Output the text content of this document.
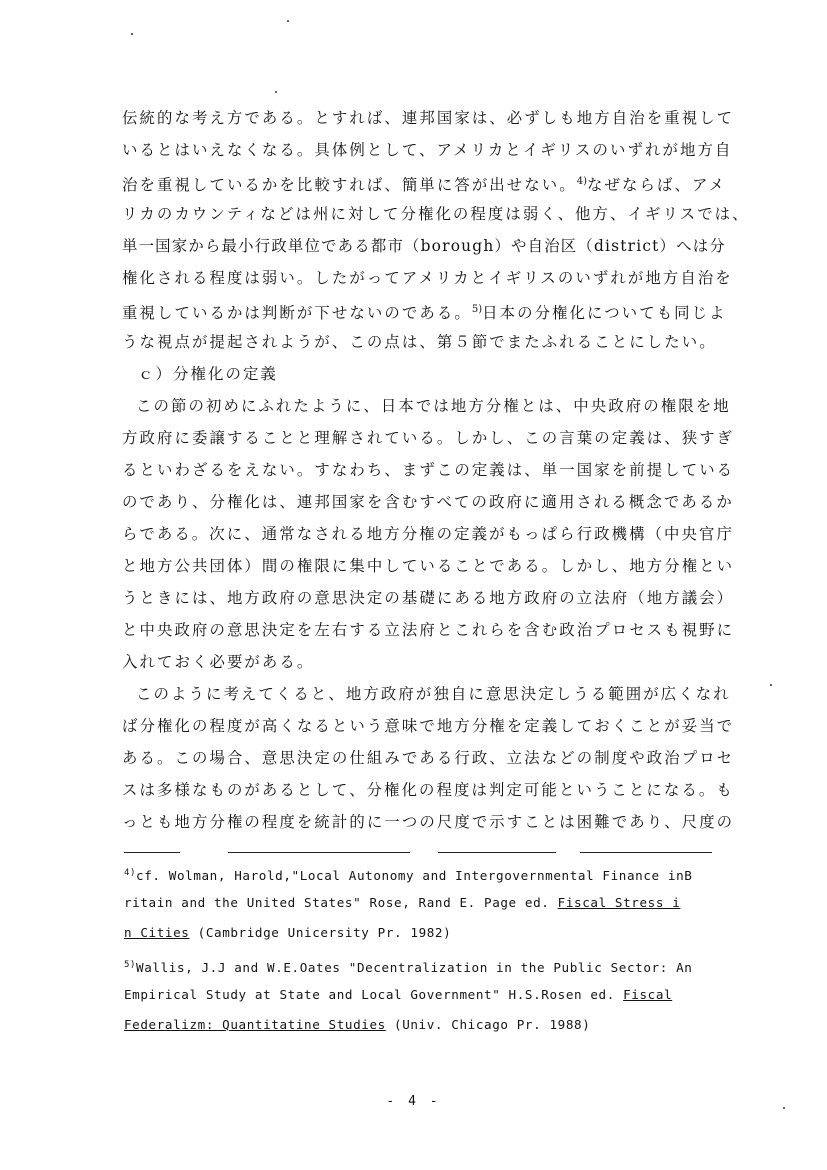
伝統的な考え方である。とすれば、連邦国家は、必ずしも地方自治を重視して
いるとはいえなくなる。具体例として、アメリカとイギリスのいずれが地方自
治を重視しているかを比較すれば、簡単に答が出せない。$^{4)}$なぜならば、アメ
リカのカウンティなどは州に対して分権化の程度は弱く、他方、イギリスでは、
単一国家から最小行政単位である都市（borough）や自治区（district）へは分
権化される程度は弱い。したがってアメリカとイギリスのいずれが地方自治を
重視しているかは判断が下せないのである。$^{5)}$日本の分権化についても同じよ
うな視点が提起されようが、この点は、第５節でまたふれることにしたい。
ｃ）分権化の定義
この節の初めにふれたように、日本では地方分権とは、中央政府の権限を地
方政府に委譲することと理解されている。しかし、この言葉の定義は、狭すぎ
るといわざるをえない。すなわち、まずこの定義は、単一国家を前提している
のであり、分権化は、連邦国家を含むすべての政府に適用される概念であるか
らである。次に、通常なされる地方分権の定義がもっぱら行政機構（中央官庁
と地方公共団体）間の権限に集中していることである。しかし、地方分権とい
うときには、地方政府の意思決定の基礎にある地方政府の立法府（地方議会）
と中央政府の意思決定を左右する立法府とこれらを含む政治プロセスも視野に
入れておく必要がある。
このように考えてくると、地方政府が独自に意思決定しうる範囲が広くなれ
ば分権化の程度が高くなるという意味で地方分権を定義しておくことが妥当で
ある。この場合、意思決定の仕組みである行政、立法などの制度や政治プロセ
スは多様なものがあるとして、分権化の程度は判定可能ということになる。も
っとも地方分権の程度を統計的に一つの尺度で示すことは困難であり、尺度の
$^{4)}$cf. Wolman, Harold,"Local Autonomy and Intergovernmental Finance inB
ritain and the United States" Rose, Rand E. Page ed. Fiscal Stress i
n Cities (Cambridge Unicersity Pr. 1982)
$^{5)}$Wallis, J.J and W.E.Oates "Decentralization in the Public Sector: An
Empirical Study at State and Local Government" H.S.Rosen ed. Fiscal
Federalizm: Quantitatine Studies (Univ. Chicago Pr. 1988)
- 4 -
